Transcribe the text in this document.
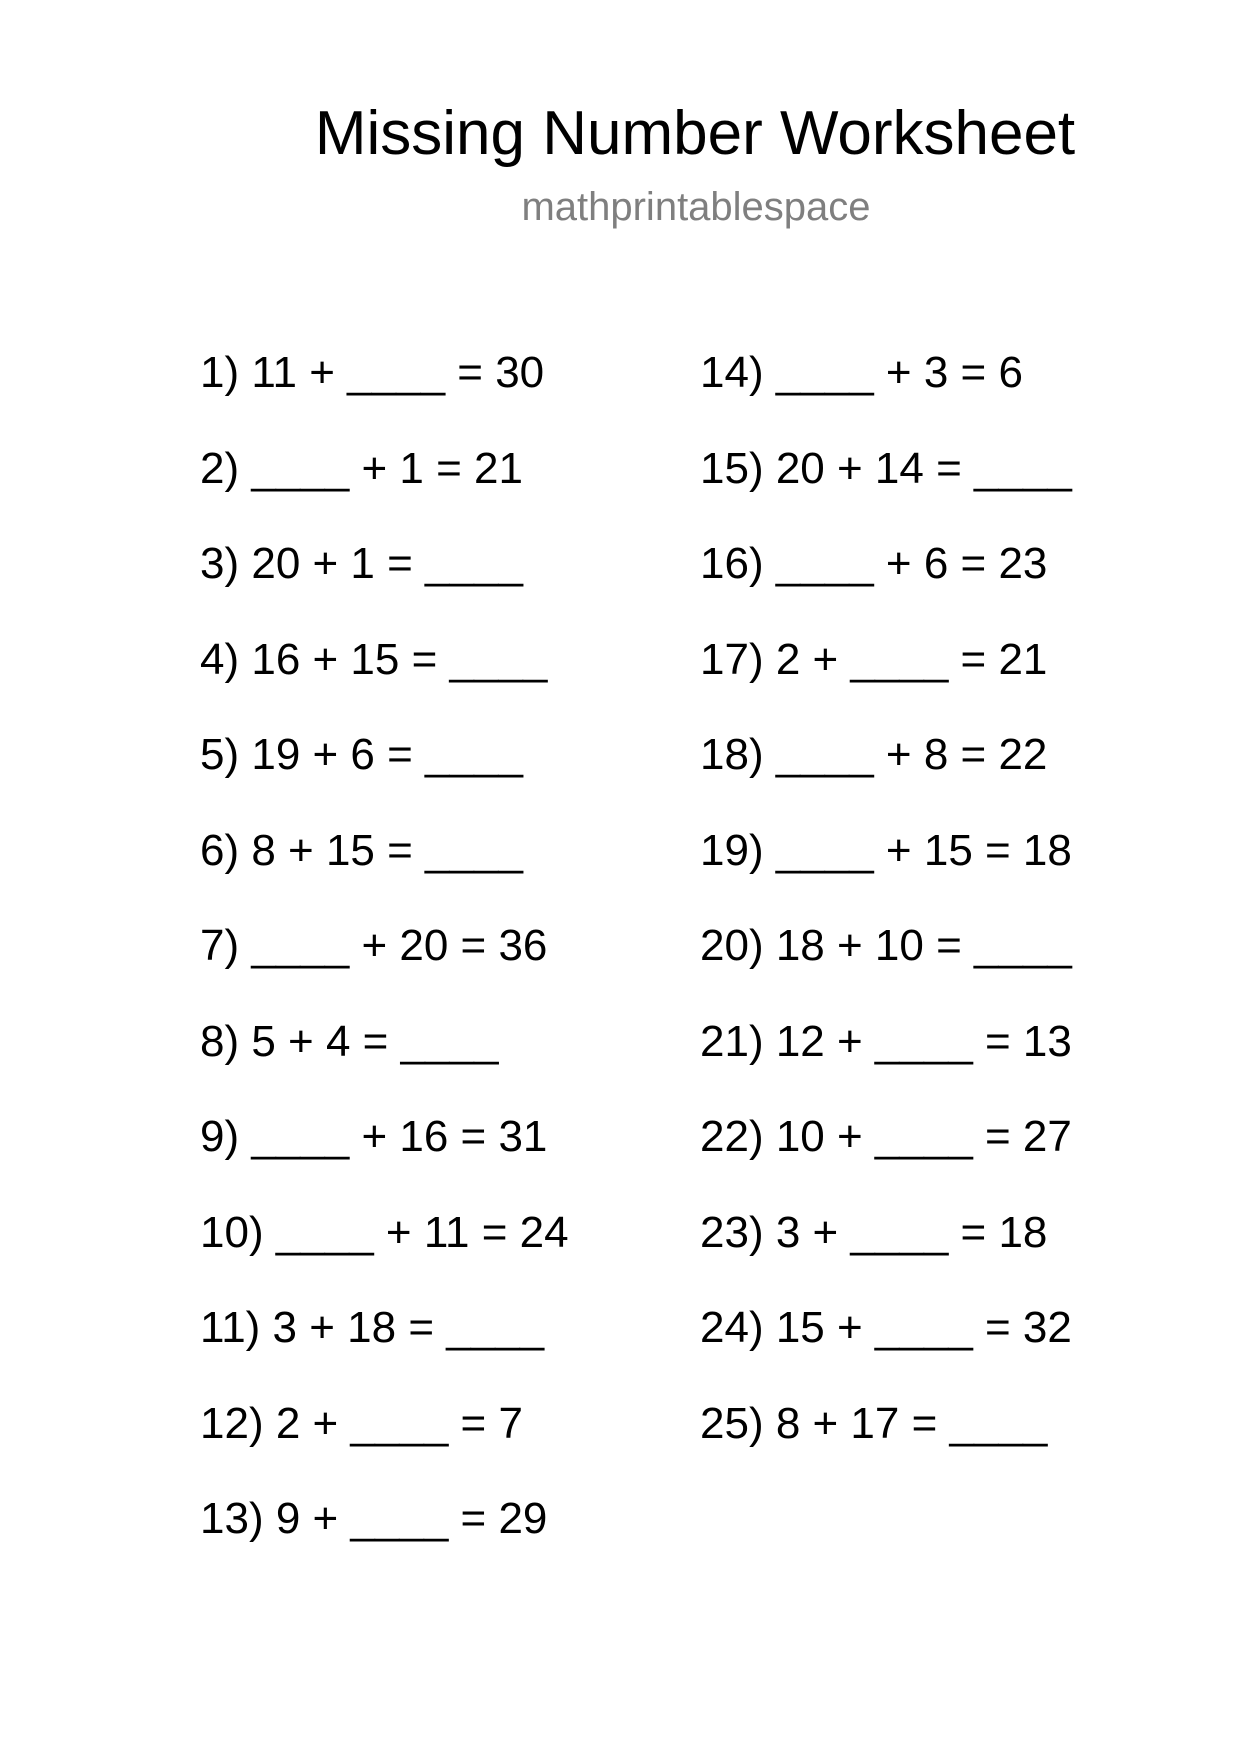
Missing Number Worksheet
mathprintablespace
1) 11 + ____ = 30
2) ____ + 1 = 21
3) 20 + 1 = ____
4) 16 + 15 = ____
5) 19 + 6 = ____
6) 8 + 15 = ____
7) ____ + 20 = 36
8) 5 + 4 = ____
9) ____ + 16 = 31
10) ____ + 11 = 24
11) 3 + 18 = ____
12) 2 + ____ = 7
13) 9 + ____ = 29
14) ____ + 3 = 6
15) 20 + 14 = ____
16) ____ + 6 = 23
17) 2 + ____ = 21
18) ____ + 8 = 22
19) ____ + 15 = 18
20) 18 + 10 = ____
21) 12 + ____ = 13
22) 10 + ____ = 27
23) 3 + ____ = 18
24) 15 + ____ = 32
25) 8 + 17 = ____
